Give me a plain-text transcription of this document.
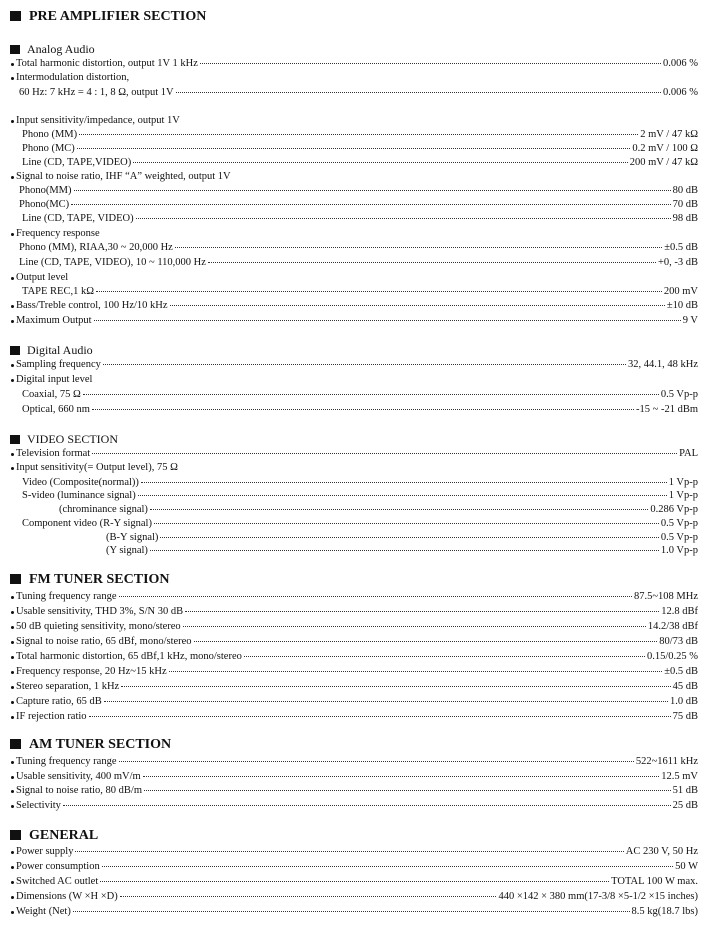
PRE AMPLIFIER SECTION
Analog Audio
Total harmonic distortion, output 1V 1 kHz	0.006 %
Intermodulation distortion,
60 Hz: 7 kHz = 4 : 1, 8 Ω, output 1V	0.006 %
Input sensitivity/impedance, output 1V
Phono (MM)	2 mV / 47 kΩ
Phono (MC)	0.2 mV / 100 Ω
Line (CD, TAPE,VIDEO)	200 mV / 47 kΩ
Signal to noise ratio, IHF “A” weighted, output 1V
Phono(MM)	80 dB
Phono(MC)	70 dB
Line (CD, TAPE, VIDEO)	98 dB
Frequency response
Phono (MM), RIAA,30 ~ 20,000 Hz	±0.5 dB
Line (CD, TAPE, VIDEO), 10 ~ 110,000 Hz	+0, -3 dB
Output level
TAPE REC,1 kΩ	200 mV
Bass/Treble control, 100 Hz/10 kHz	±10 dB
Maximum Output	9 V
Digital Audio
Sampling frequency	32, 44.1, 48 kHz
Digital input level
Coaxial, 75 Ω	0.5 Vp-p
Optical, 660 nm	-15 ~ -21 dBm
VIDEO SECTION
Television format	PAL
Input sensitivity(= Output level), 75 Ω
Video (Composite(normal))	1 Vp-p
S-video (luminance signal)	1 Vp-p
(chrominance signal)	0.286 Vp-p
Component video (R-Y signal)	0.5 Vp-p
(B-Y signal)	0.5 Vp-p
(Y signal)	1.0 Vp-p
FM TUNER SECTION
Tuning frequency range	87.5~108 MHz
Usable sensitivity, THD 3%, S/N 30 dB	12.8 dBf
50 dB quieting sensitivity, mono/stereo	14.2/38 dBf
Signal to noise ratio, 65 dBf, mono/stereo	80/73 dB
Total harmonic distortion, 65 dBf,1 kHz, mono/stereo	0.15/0.25 %
Frequency response, 20 Hz~15 kHz	±0.5 dB
Stereo separation, 1 kHz	45 dB
Capture ratio, 65 dB	1.0 dB
IF rejection ratio	75 dB
AM TUNER SECTION
Tuning frequency range	522~1611 kHz
Usable sensitivity, 400 mV/m	12.5 mV
Signal to noise ratio, 80 dB/m	51 dB
Selectivity	25 dB
GENERAL
Power supply	AC 230 V, 50 Hz
Power consumption	50 W
Switched AC outlet	TOTAL 100 W max.
Dimensions (W ×H ×D)	440 ×142 × 380 mm(17-3/8 ×5-1/2 ×15 inches)
Weight (Net)	8.5 kg(18.7 lbs)
